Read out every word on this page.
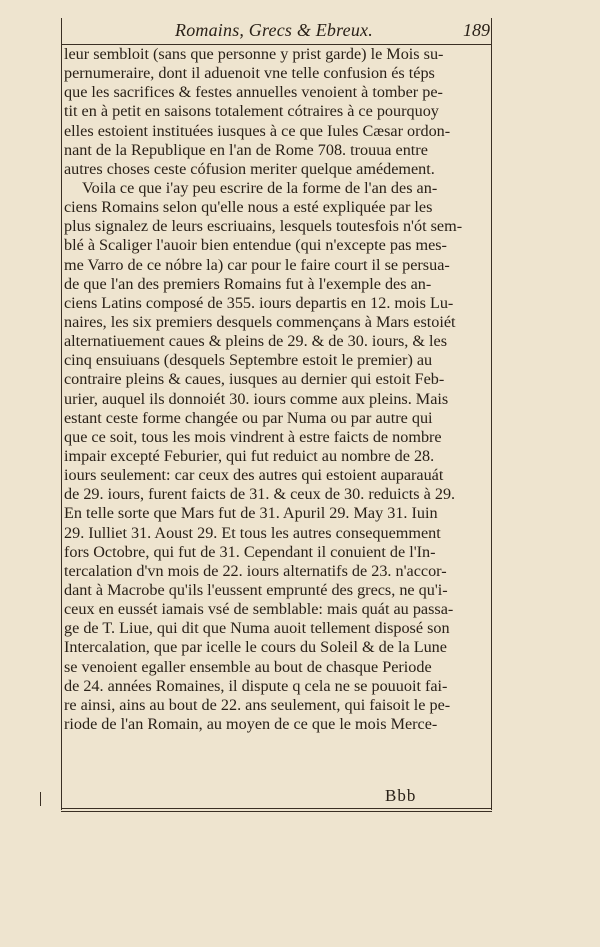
Romains, Grecs & Ebreux.	189
leur sembloit (sans que personne y prist garde) le Mois su-
pernumeraire, dont il aduenoit vne telle confusion és téps
que les sacrifices & festes annuelles venoient à tomber pe-
tit en à petit en saisons totalement cótraires à ce pourquoy
elles estoient instituées iusques à ce que Iules Cæsar ordon-
nant de la Republique en l'an de Rome 708. trouua entre
autres choses ceste cófusion meriter quelque amédement.
Voila ce que i'ay peu escrire de la forme de l'an des an-
ciens Romains selon qu'elle nous a esté expliquée par les
plus signalez de leurs escriuains, lesquels toutesfois n'ót sem-
blé à Scaliger l'auoir bien entendue (qui n'excepte pas mes-
me Varro de ce nóbre la) car pour le faire court il se persua-
de que l'an des premiers Romains fut à l'exemple des an-
ciens Latins composé de 355. iours departis en 12. mois Lu-
naires, les six premiers desquels commençans à Mars estoiét
alternatiuement caues & pleins de 29. & de 30. iours, & les
cinq ensuiuans (desquels Septembre estoit le premier) au
contraire pleins & caues, iusques au dernier qui estoit Feb-
urier, auquel ils donnoiét 30. iours comme aux pleins. Mais
estant ceste forme changée ou par Numa ou par autre qui
que ce soit, tous les mois vindrent à estre faicts de nombre
impair excepté Feburier, qui fut reduict au nombre de 28.
iours seulement: car ceux des autres qui estoient auparauát
de 29. iours, furent faicts de 31. & ceux de 30. reduicts à 29.
En telle sorte que Mars fut de 31. Apuril 29. May 31. Iuin
29. Iulliet 31. Aoust 29. Et tous les autres consequemment
fors Octobre, qui fut de 31. Cependant il conuient de l'In-
tercalation d'vn mois de 22. iours alternatifs de 23. n'accor-
dant à Macrobe qu'ils l'eussent emprunté des grecs, ne qu'i-
ceux en eussét iamais vsé de semblable: mais quát au passa-
ge de T. Liue, qui dit que Numa auoit tellement disposé son
Intercalation, que par icelle le cours du Soleil & de la Lune
se venoient egaller ensemble au bout de chasque Periode
de 24. années Romaines, il dispute q cela ne se pouuoit fai-
re ainsi, ains au bout de 22. ans seulement, qui faisoit le pe-
riode de l'an Romain, au moyen de ce que le mois Merce-
Bbb
